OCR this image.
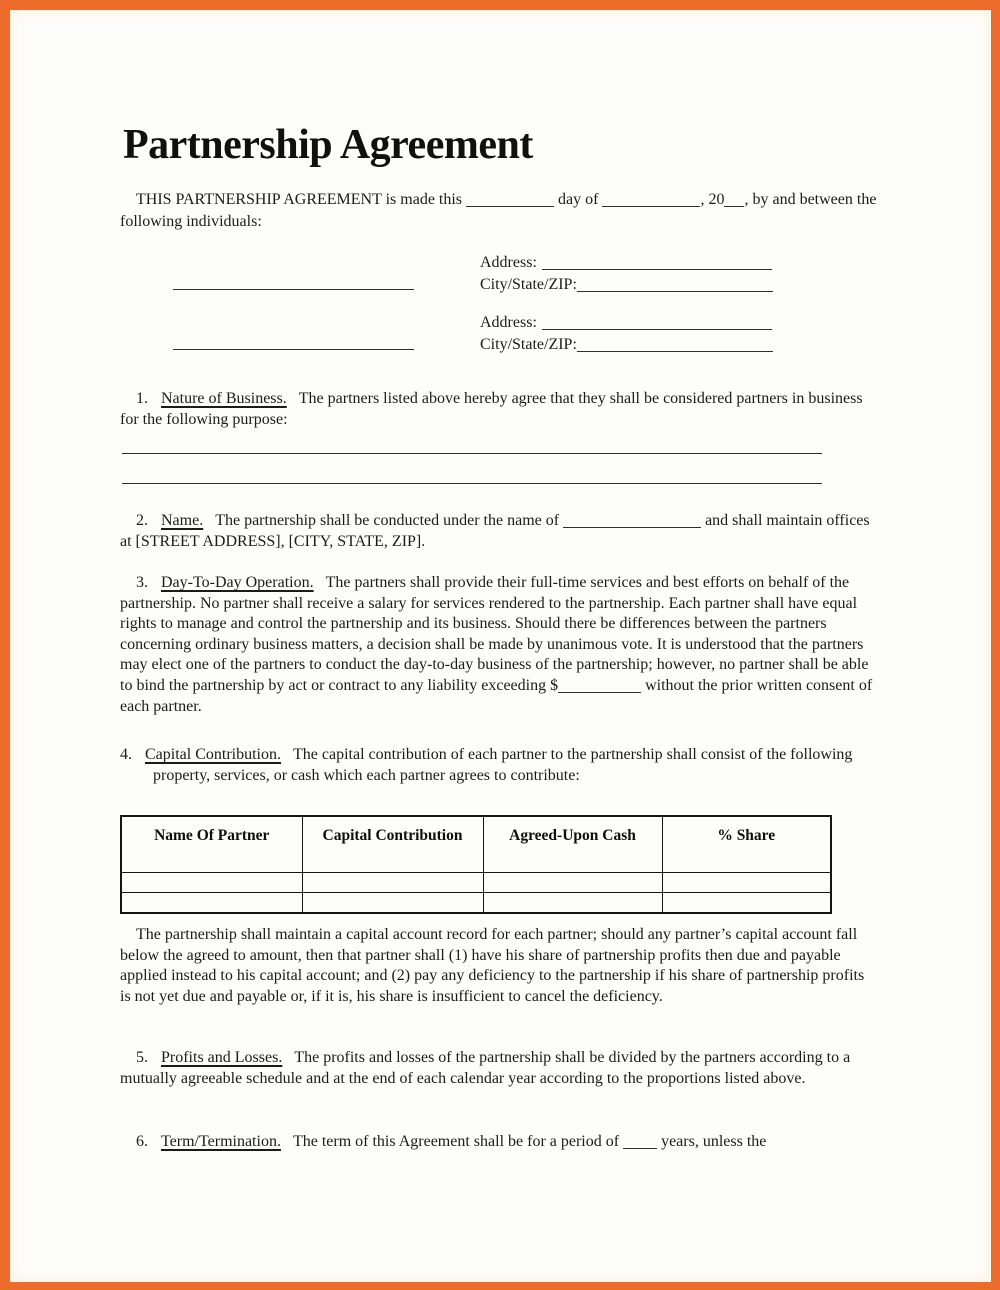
Partnership Agreement

THIS PARTNERSHIP AGREEMENT is made this	day of	, 20 , by and between the following individuals:

Address:
City/State/ZIP:
Address:
City/State/ZIP:

1. Nature of Business. The partners listed above hereby agree that they shall be considered partners in business for the following purpose:

2. Name. The partnership shall be conducted under the name of	and shall maintain offices at [STREET ADDRESS], [CITY, STATE, ZIP].

3. Day-To-Day Operation. The partners shall provide their full-time services and best efforts on behalf of the partnership. No partner shall receive a salary for services rendered to the partnership. Each partner shall have equal rights to manage and control the partnership and its business. Should there be differences between the partners concerning ordinary business matters, a decision shall be made by unanimous vote. It is understood that the partners may elect one of the partners to conduct the day-to-day business of the partnership; however, no partner shall be able to bind the partnership by act or contract to any liability exceeding $	without the prior written consent of each partner.

4. Capital Contribution. The capital contribution of each partner to the partnership shall consist of the following property, services, or cash which each partner agrees to contribute:

Name Of Partner	Capital Contribution	Agreed-Upon Cash	% Share

The partnership shall maintain a capital account record for each partner; should any partner’s capital account fall below the agreed to amount, then that partner shall (1) have his share of partnership profits then due and payable applied instead to his capital account; and (2) pay any deficiency to the partnership if his share of partnership profits is not yet due and payable or, if it is, his share is insufficient to cancel the deficiency.

5. Profits and Losses. The profits and losses of the partnership shall be divided by the partners according to a mutually agreeable schedule and at the end of each calendar year according to the proportions listed above.

6. Term/Termination. The term of this Agreement shall be for a period of	years, unless the
